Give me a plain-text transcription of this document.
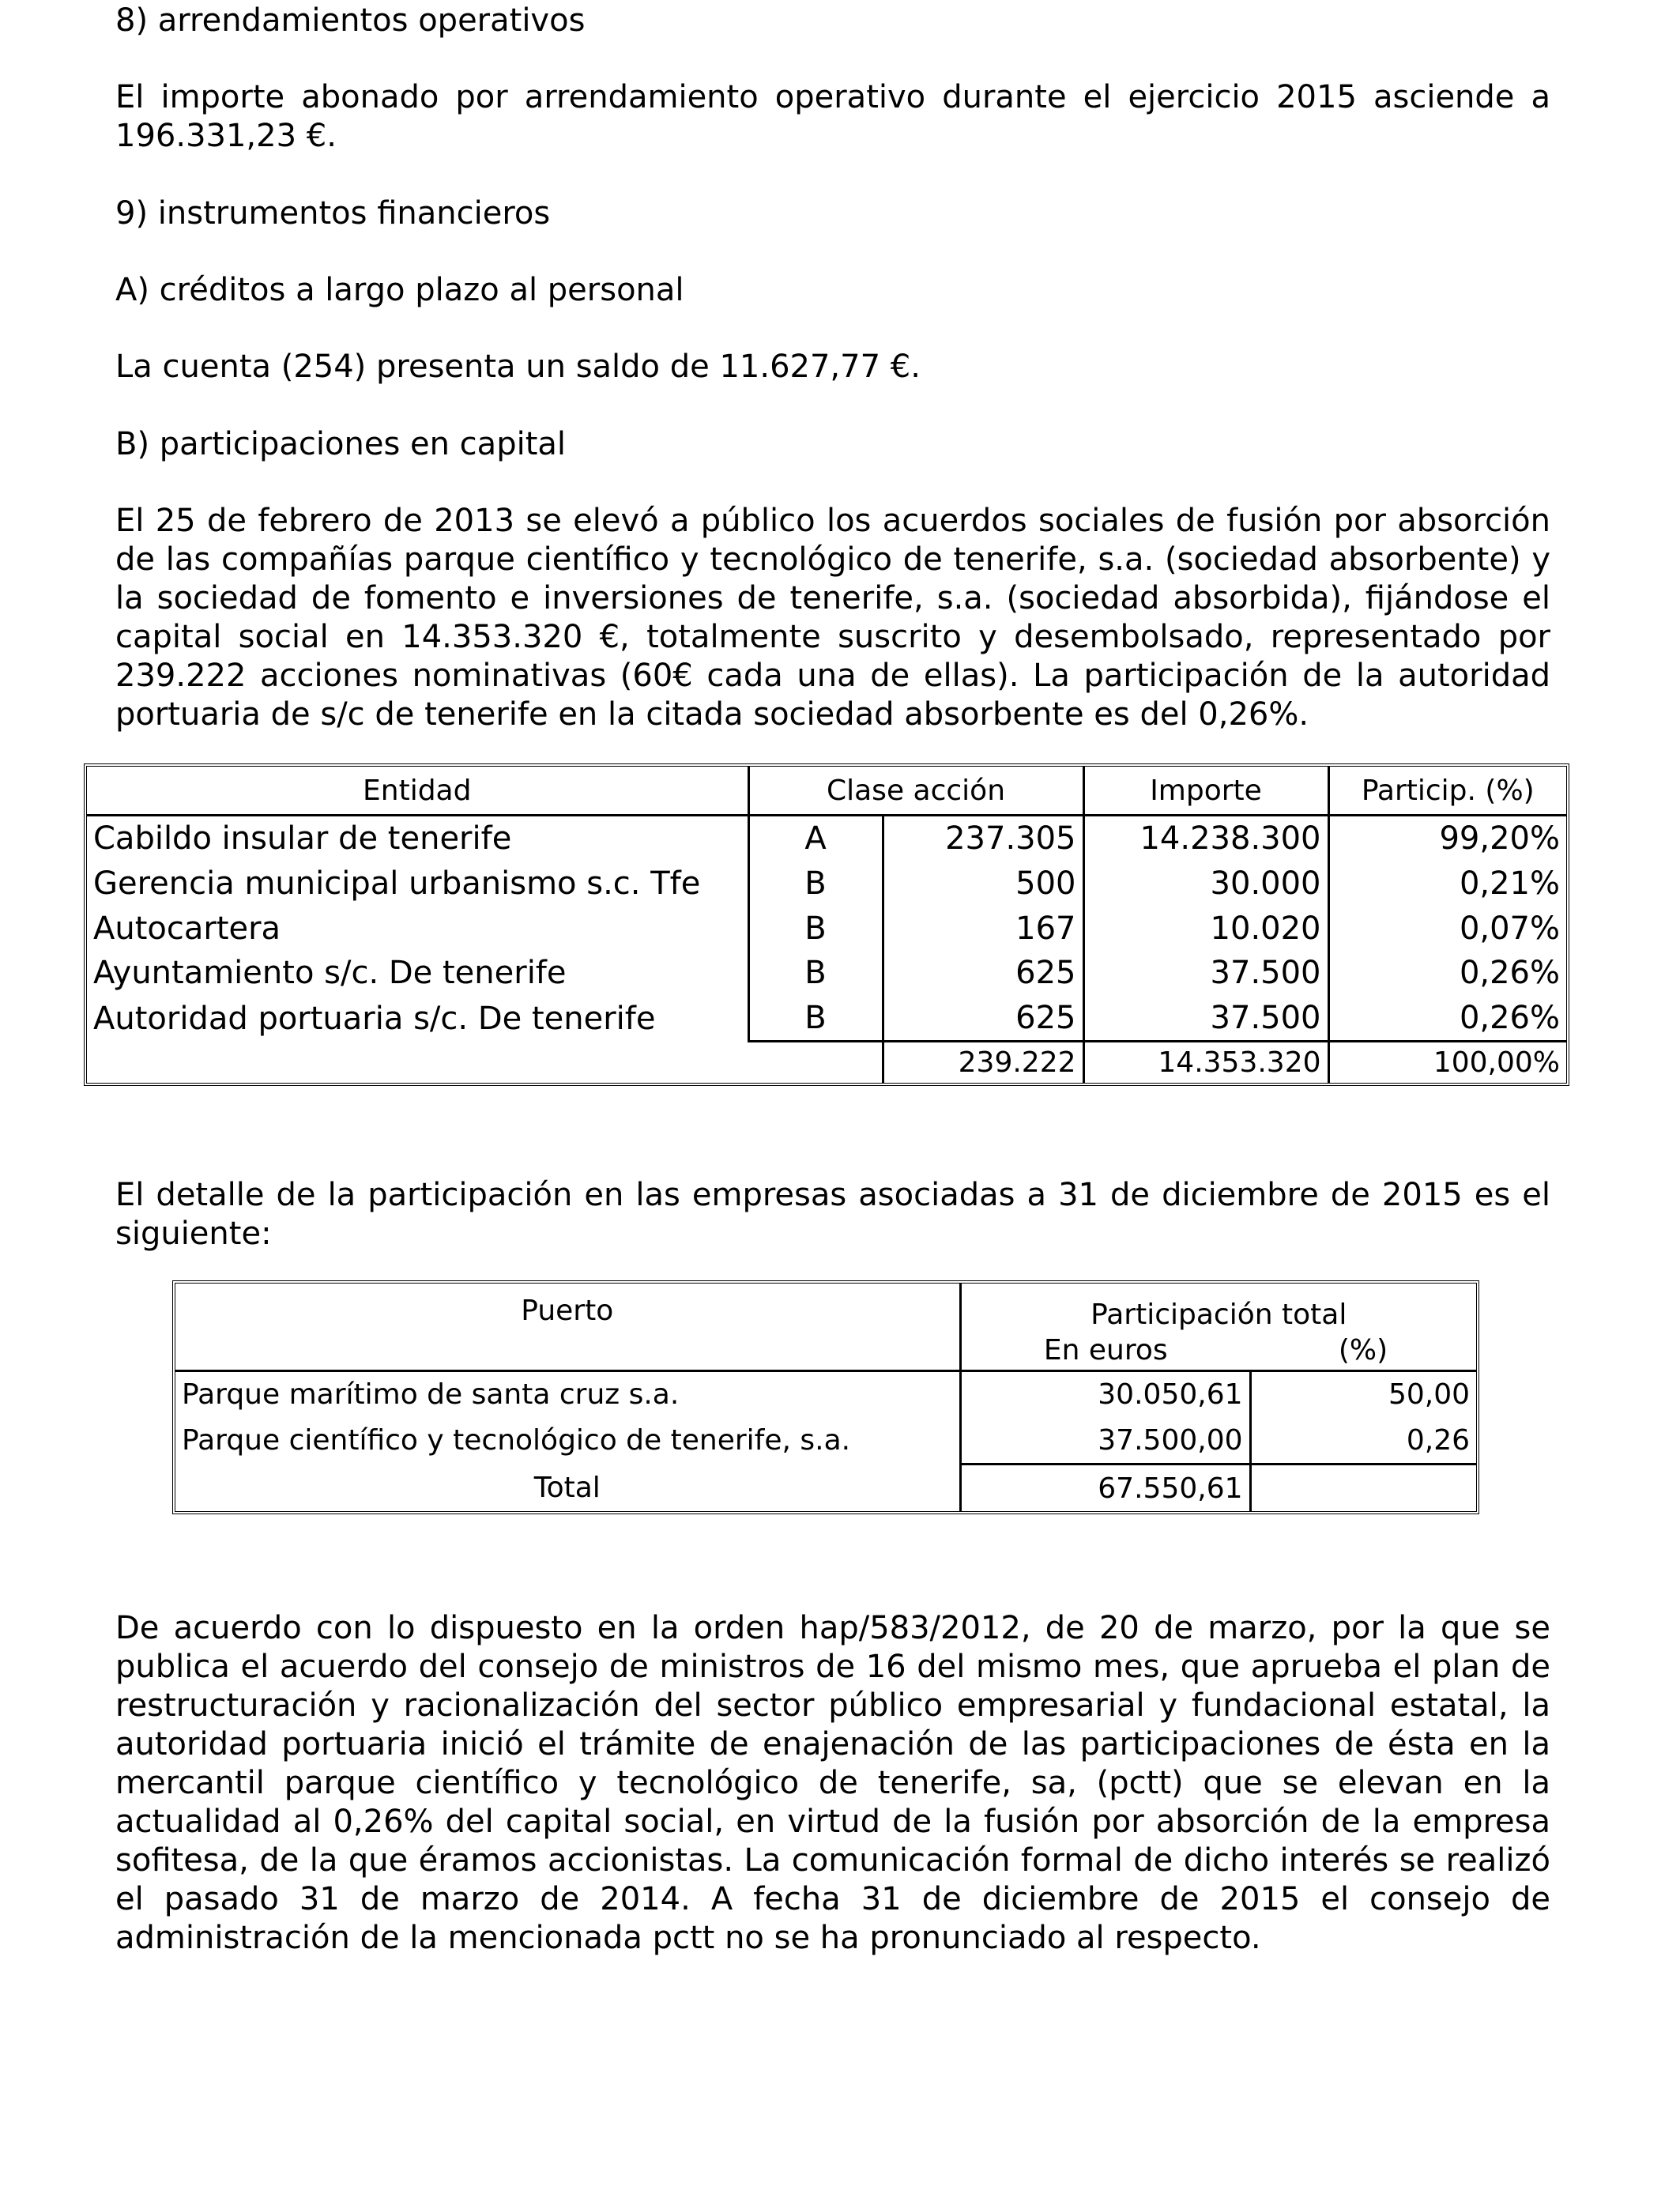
8) arrendamientos operativos

El importe abonado por arrendamiento operativo durante el ejercicio 2015 asciende a

196.331,23 €.

9) instrumentos financieros

A) créditos a largo plazo al personal

La cuenta (254) presenta un saldo de 11.627,77 €.

B) participaciones en capital

El 25 de febrero de 2013 se elevó a público los acuerdos sociales de fusión por absorción

de las compañías parque científico y tecnológico de tenerife, s.a. (sociedad absorbente) y

la sociedad de fomento e inversiones de tenerife, s.a. (sociedad absorbida), fijándose el

capital social en 14.353.320 €, totalmente suscrito y desembolsado, representado por

239.222 acciones nominativas (60€ cada una de ellas). La participación de la autoridad

portuaria de s/c de tenerife en la citada sociedad absorbente es del 0,26%.

Entidad	Clase acción		Importe	Particip. (%)
Cabildo insular de tenerife	A	237.305	14.238.300	99,20%
Gerencia municipal urbanismo s.c. Tfe	B	500	30.000	0,21%
Autocartera	B	167	10.020	0,07%
Ayuntamiento s/c. De tenerife	B	625	37.500	0,26%
Autoridad portuaria s/c. De tenerife	B	625	37.500	0,26%
		239.222	14.353.320	100,00%

El detalle de la participación en las empresas asociadas a 31 de diciembre de 2015 es el

siguiente:

Puerto	Participación total	
	En euros	(%)
Parque marítimo de santa cruz s.a.	30.050,61	50,00
Parque científico y tecnológico de tenerife, s.a.	37.500,00	0,26
Total	67.550,61	

De acuerdo con lo dispuesto en la orden hap/583/2012, de 20 de marzo, por la que se

publica el acuerdo del consejo de ministros de 16 del mismo mes, que aprueba el plan de

restructuración y racionalización del sector público empresarial y fundacional estatal, la

autoridad portuaria inició el trámite de enajenación de las participaciones de ésta en la

mercantil parque científico y tecnológico de tenerife, sa, (pctt) que se elevan en la

actualidad al 0,26% del capital social, en virtud de la fusión por absorción de la empresa

sofitesa, de la que éramos accionistas. La comunicación formal de dicho interés se realizó

el pasado 31 de marzo de 2014. A fecha 31 de diciembre de 2015 el consejo de

administración de la mencionada pctt no se ha pronunciado al respecto.
